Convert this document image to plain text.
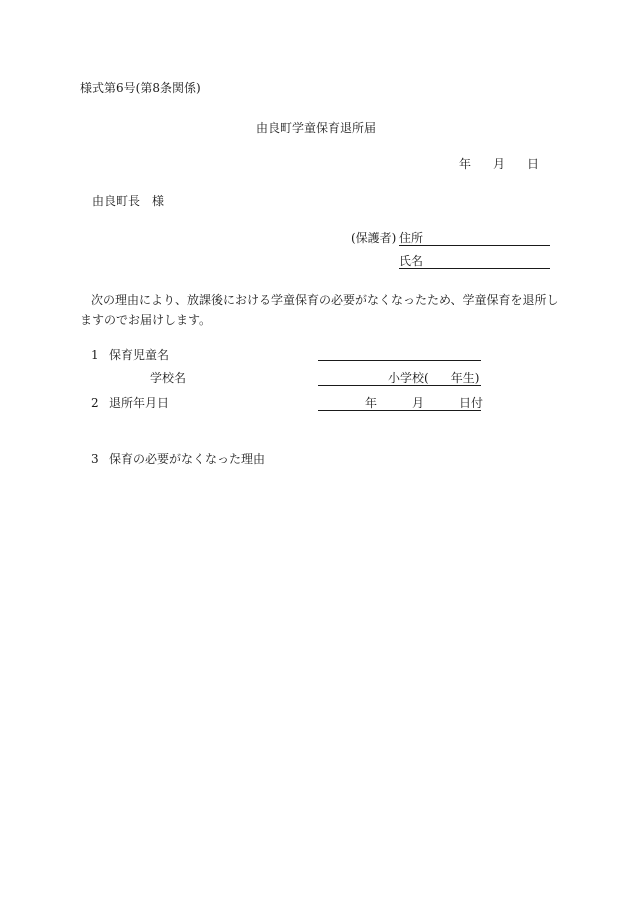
様式第6号(第8条関係)
由良町学童保育退所届
年 月 日
由良町長　様
(保護者) 住所
氏名
次の理由により、放課後における学童保育の必要がなくなったため、学童保育を退所し
ますのでお届けします。
1 保育児童名
学校名	小学校( 年生)
2 退所年月日	年	月	日付
3 保育の必要がなくなった理由
